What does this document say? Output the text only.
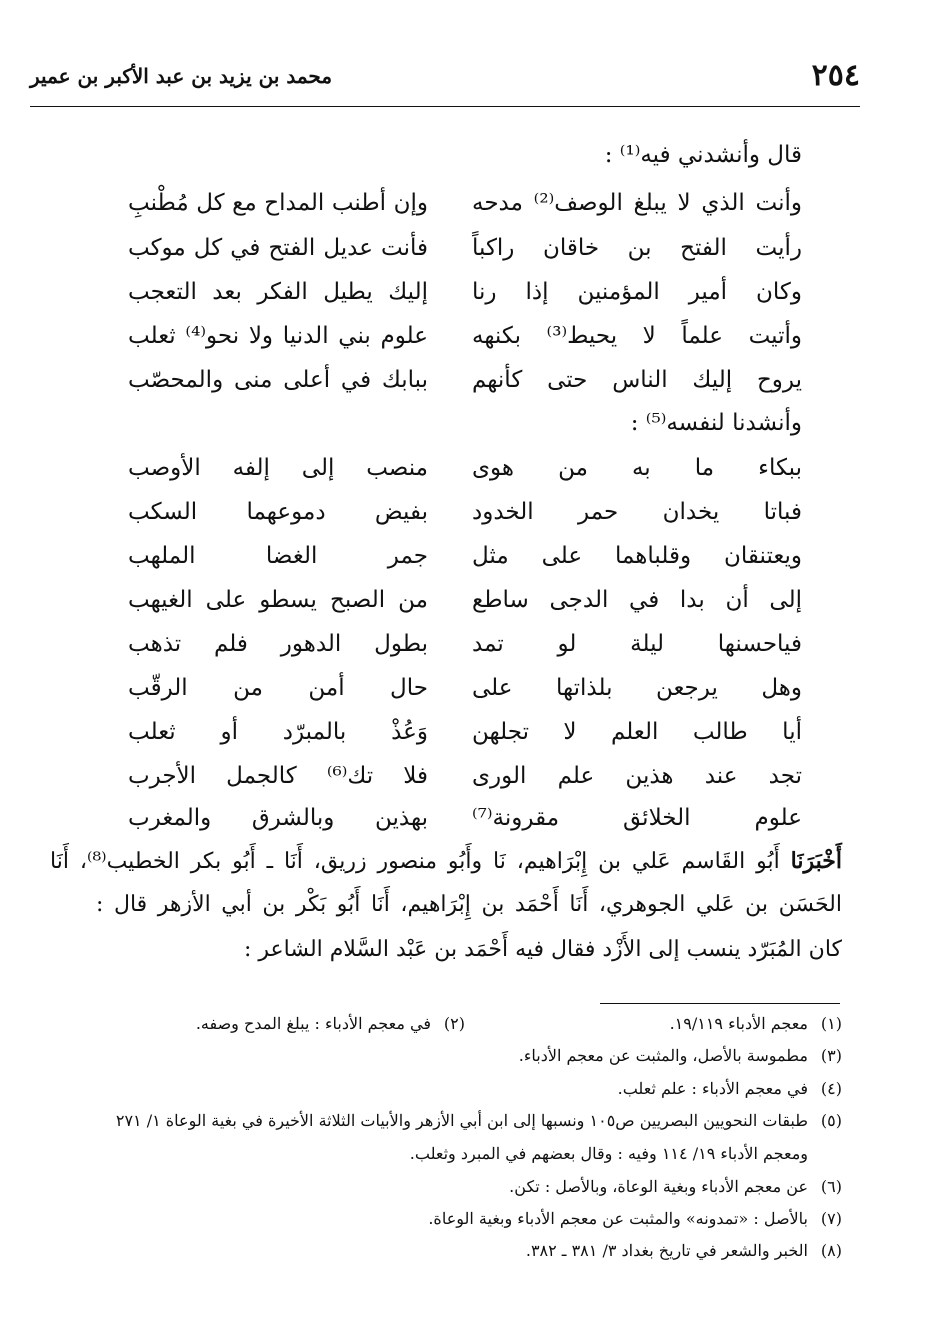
٢٥٤
محمد بن يزيد بن عبد الأكبر بن عمير
قال وأنشدني فيه⁽¹⁾ :
وأنت الذي لا يبلغ الوصف⁽²⁾ مدحه
وإن أطنب المداح مع كل مُطْنبِ
رأيت الفتح بن خاقان راكباً
فأنت عديل الفتح في كل موكب
وكان أمير المؤمنين إذا رنا
إليك يطيل الفكر بعد التعجب
وأتيت علماً لا يحيط⁽³⁾ بكنهه
علوم بني الدنيا ولا نحو⁽⁴⁾ ثعلب
يروح إليك الناس حتى كأنهم
ببابك في أعلى منى والمحصّب
وأنشدنا لنفسه⁽⁵⁾ :
ببكاء ما به من هوى
منصب إلى إلفه الأوصب
فباتا يخدان حمر الخدود
بفيض دموعهما السكب
ويعتنقان وقلباهما على مثل
جمر الغضا الملهب
إلى أن بدا في الدجى ساطع
من الصبح يسطو على الغيهب
فياحسنها ليلة لو تمد
بطول الدهور فلم تذهب
وهل يرجعن بلذاتها على
حال أمن من الرقّب
أيا طالب العلم لا تجلهن
وَعُذْ بالمبرّد أو ثعلب
تجد عند هذين علم الورى
فلا تك⁽⁶⁾ كالجمل الأجرب
علوم الخلائق مقرونة⁽⁷⁾
بهذين وبالشرق والمغرب
أَخْبَرَنَا أَبُو القَاسم عَلي بن إِبْرَاهيم، نَا وأَبُو منصور زريق، أَنَا ـ أَبُو بكر الخطيب⁽⁸⁾، أَنَا
الحَسَن بن عَلي الجوهري، أَنَا أَحْمَد بن إِبْرَاهيم، أَنَا أَبُو بَكْر بن أبي الأزهر قال :
كان المُبَرّد ينسب إلى الأَزْد فقال فيه أَحْمَد بن عَبْد السَّلام الشاعر :
(١)معجم الأدباء ١٩/١١٩.
(٢)في معجم الأدباء : يبلغ المدح وصفه.
(٣)مطموسة بالأصل، والمثبت عن معجم الأدباء.
(٤)في معجم الأدباء : علم ثعلب.
(٥)طبقات النحويين البصريين ص١٠٥ ونسبها إلى ابن أبي الأزهر والأبيات الثلاثة الأخيرة في بغية الوعاة ١/ ٢٧١
ومعجم الأدباء ١٩/ ١١٤ وفيه : وقال بعضهم في المبرد وثعلب.
(٦)عن معجم الأدباء وبغية الوعاة، وبالأصل : تكن.
(٧)بالأصل : «تمدونه» والمثبت عن معجم الأدباء وبغية الوعاة.
(٨)الخبر والشعر في تاريخ بغداد ٣/ ٣٨١ ـ ٣٨٢.
